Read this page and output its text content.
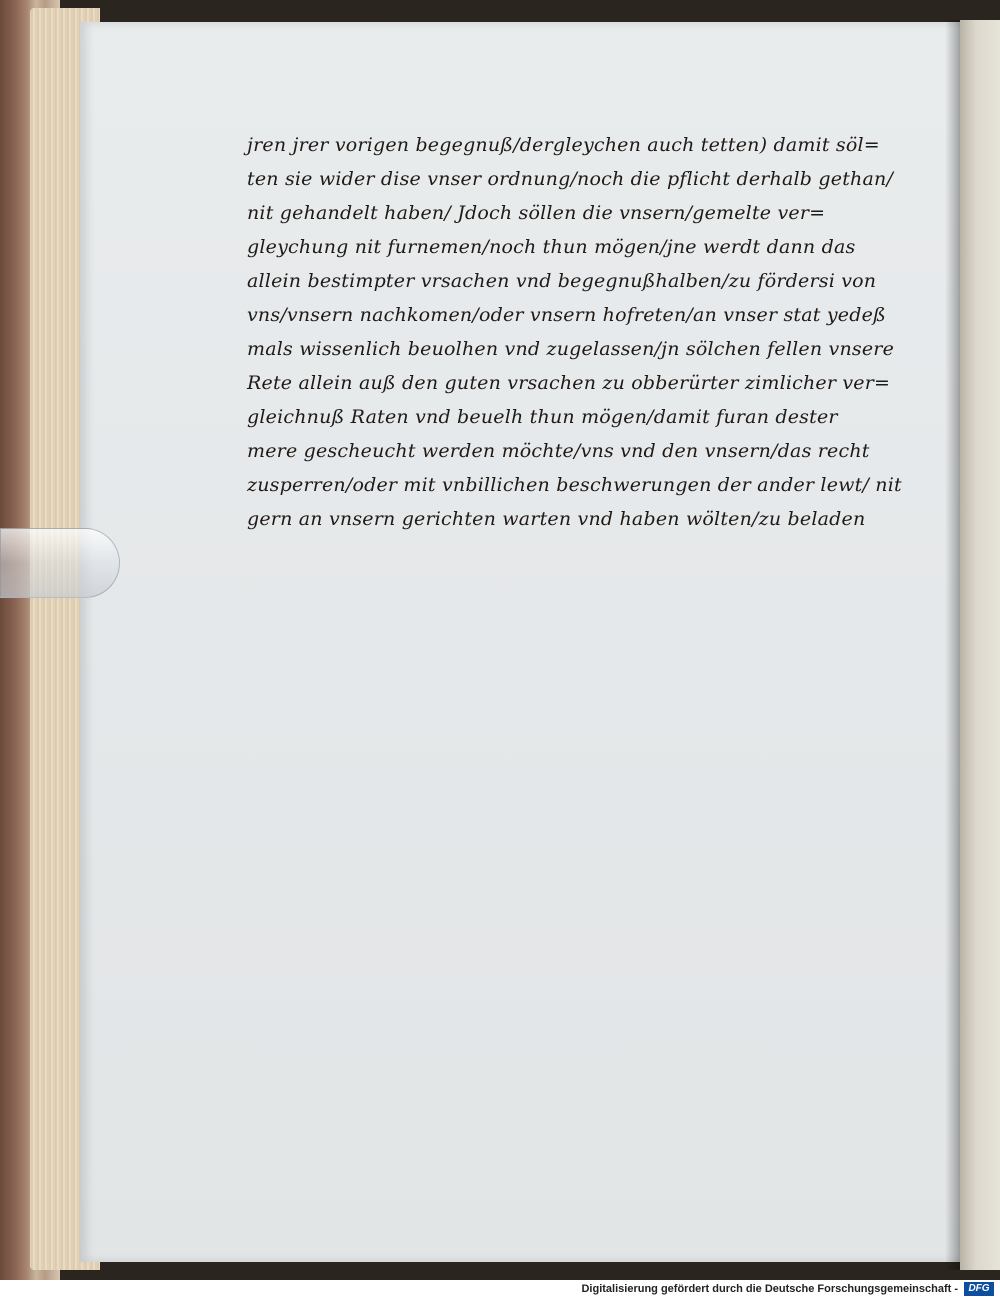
jren jrer vorigen begegnuß/dergleychen auch tetten) damit söl=
ten sie wider dise vnser ordnung/noch die pflicht derhalb gethan/
nit gehandelt haben/ Jdoch söllen die vnsern/gemelte ver=
gleychung nit furnemen/noch thun mögen/jne werdt dann das
allein bestimpter vrsachen vnd begegnußhalben/zu fördersi von
vns/vnsern nachkomen/oder vnsern hofreten/an vnser stat yedeß
mals wissenlich beuolhen vnd zugelassen/jn sölchen fellen vnsere
Rete allein auß den guten vrsachen zu obberürter zimlicher ver=
gleichnuß Raten vnd beuelh thun mögen/damit furan dester
mere gescheucht werden möchte/vns vnd den vnsern/das recht
zusperren/oder mit vnbillichen beschwerungen der ander lewt/ nit
gern an vnsern gerichten warten vnd haben wölten/zu beladen
Digitalisierung gefördert durch die Deutsche Forschungsgemeinschaft -	DFG
